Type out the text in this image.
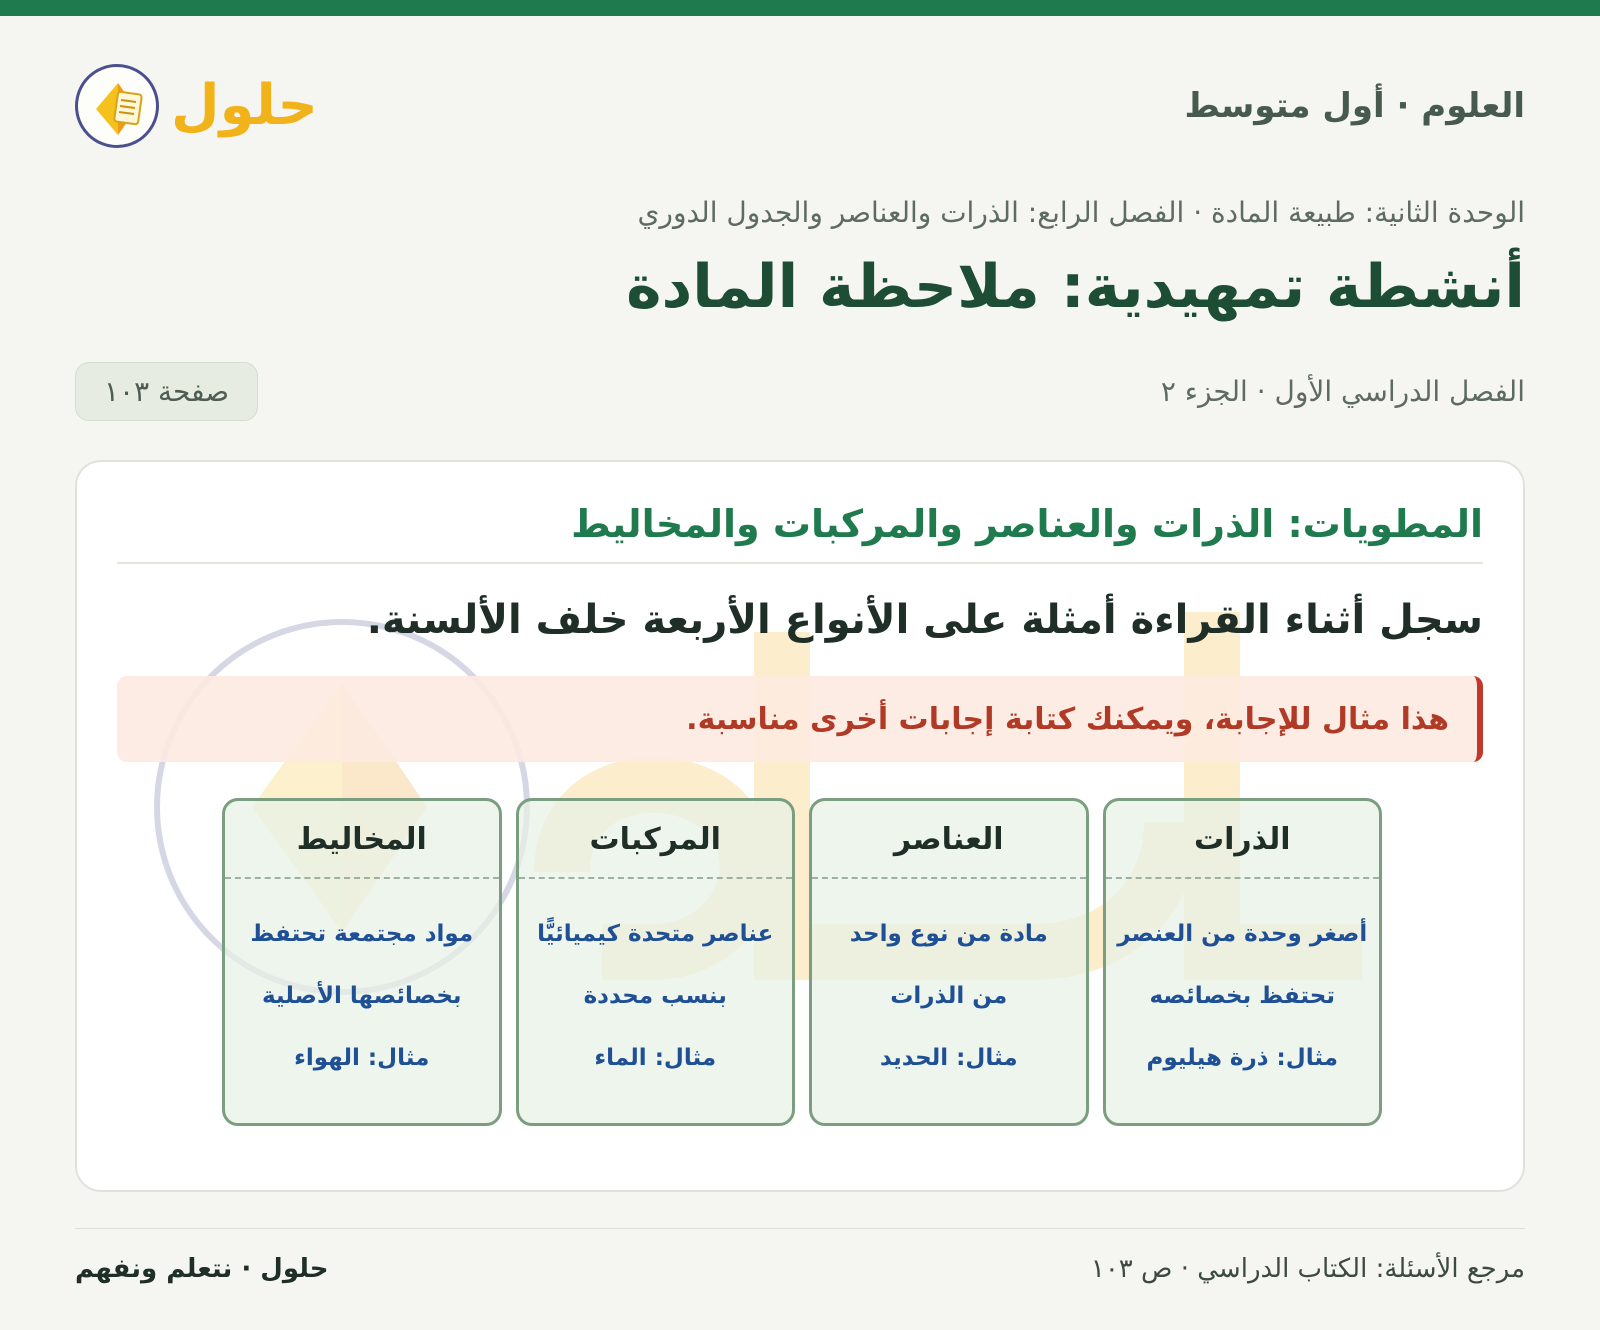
العلوم · أول متوسط
حلول
الوحدة الثانية: طبيعة المادة · الفصل الرابع: الذرات والعناصر والجدول الدوري
أنشطة تمهيدية: ملاحظة المادة
الفصل الدراسي الأول · الجزء ٢
صفحة ١٠٣
المطويات: الذرات والعناصر والمركبات والمخاليط
سجل أثناء القراءة أمثلة على الأنواع الأربعة خلف الألسنة.
هذا مثال للإجابة، ويمكنك كتابة إجابات أخرى مناسبة.
الذرات
أصغر وحدة من العنصر
تحتفظ بخصائصه
مثال: ذرة هيليوم
العناصر
مادة من نوع واحد
من الذرات
مثال: الحديد
المركبات
عناصر متحدة كيميائيًّا
بنسب محددة
مثال: الماء
المخاليط
مواد مجتمعة تحتفظ
بخصائصها الأصلية
مثال: الهواء
مرجع الأسئلة: الكتاب الدراسي · ص ١٠٣
حلول · نتعلم ونفهم
